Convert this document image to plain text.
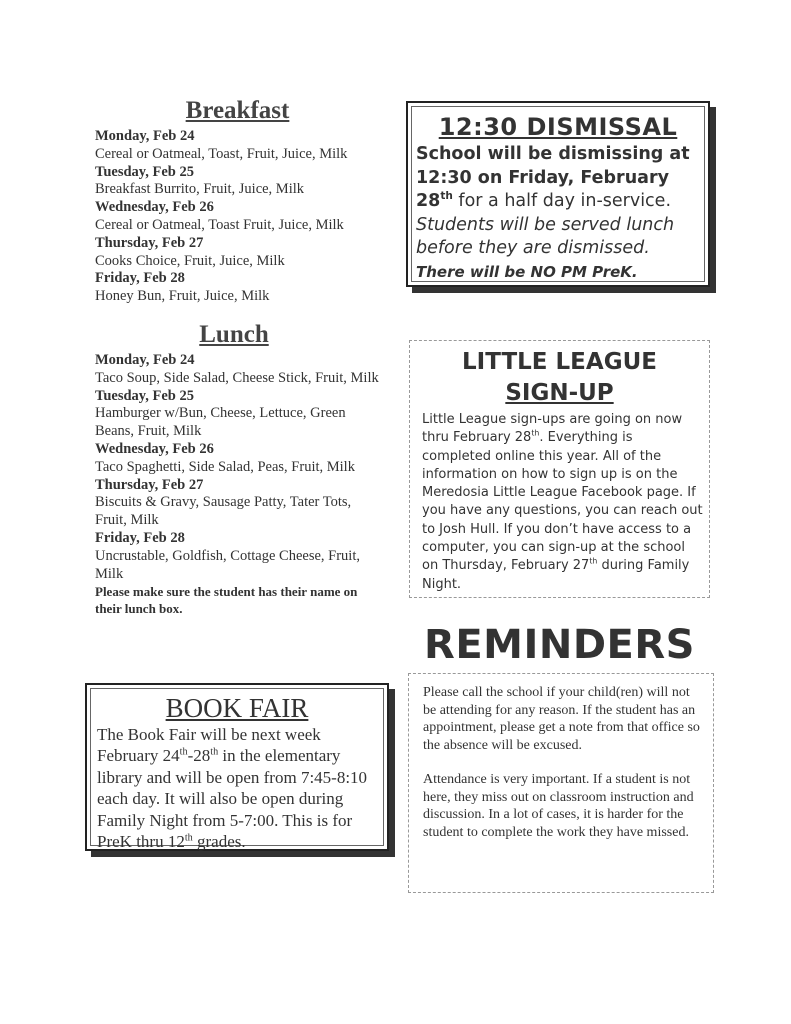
Breakfast
Monday, Feb 24
Cereal or Oatmeal, Toast, Fruit, Juice, Milk
Tuesday, Feb 25
Breakfast Burrito, Fruit, Juice, Milk
Wednesday, Feb 26
Cereal or Oatmeal, Toast Fruit, Juice, Milk
Thursday, Feb 27
Cooks Choice, Fruit, Juice, Milk
Friday, Feb 28
Honey Bun, Fruit, Juice, Milk
Lunch
Monday, Feb 24
Taco Soup, Side Salad, Cheese Stick, Fruit, Milk
Tuesday, Feb 25
Hamburger w/Bun, Cheese, Lettuce, Green Beans, Fruit, Milk
Wednesday, Feb 26
Taco Spaghetti, Side Salad, Peas, Fruit, Milk
Thursday, Feb 27
Biscuits & Gravy, Sausage Patty, Tater Tots, Fruit, Milk
Friday, Feb 28
Uncrustable, Goldfish, Cottage Cheese, Fruit, Milk
Please make sure the student has their name on their lunch box.
12:30 DISMISSAL
School will be dismissing at 12:30 on Friday, February 28th for a half day in-service.
Students will be served lunch before they are dismissed.
There will be NO PM PreK.
LITTLE LEAGUE
SIGN-UP
Little League sign-ups are going on now thru February 28th. Everything is completed online this year. All of the information on how to sign up is on the Meredosia Little League Facebook page. If you have any questions, you can reach out to Josh Hull. If you don’t have access to a computer, you can sign-up at the school on Thursday, February 27th during Family Night.
REMINDERS

Please call the school if your child(ren) will not be attending for any reason. If the student has an appointment, please get a note from that office so the absence will be excused.

Attendance is very important. If a student is not here, they miss out on classroom instruction and discussion. In a lot of cases, it is harder for the student to complete the work they have missed.

BOOK FAIR
The Book Fair will be next week February 24th-28th in the elementary library and will be open from 7:45-8:10 each day. It will also be open during Family Night from 5-7:00. This is for PreK thru 12th grades.
